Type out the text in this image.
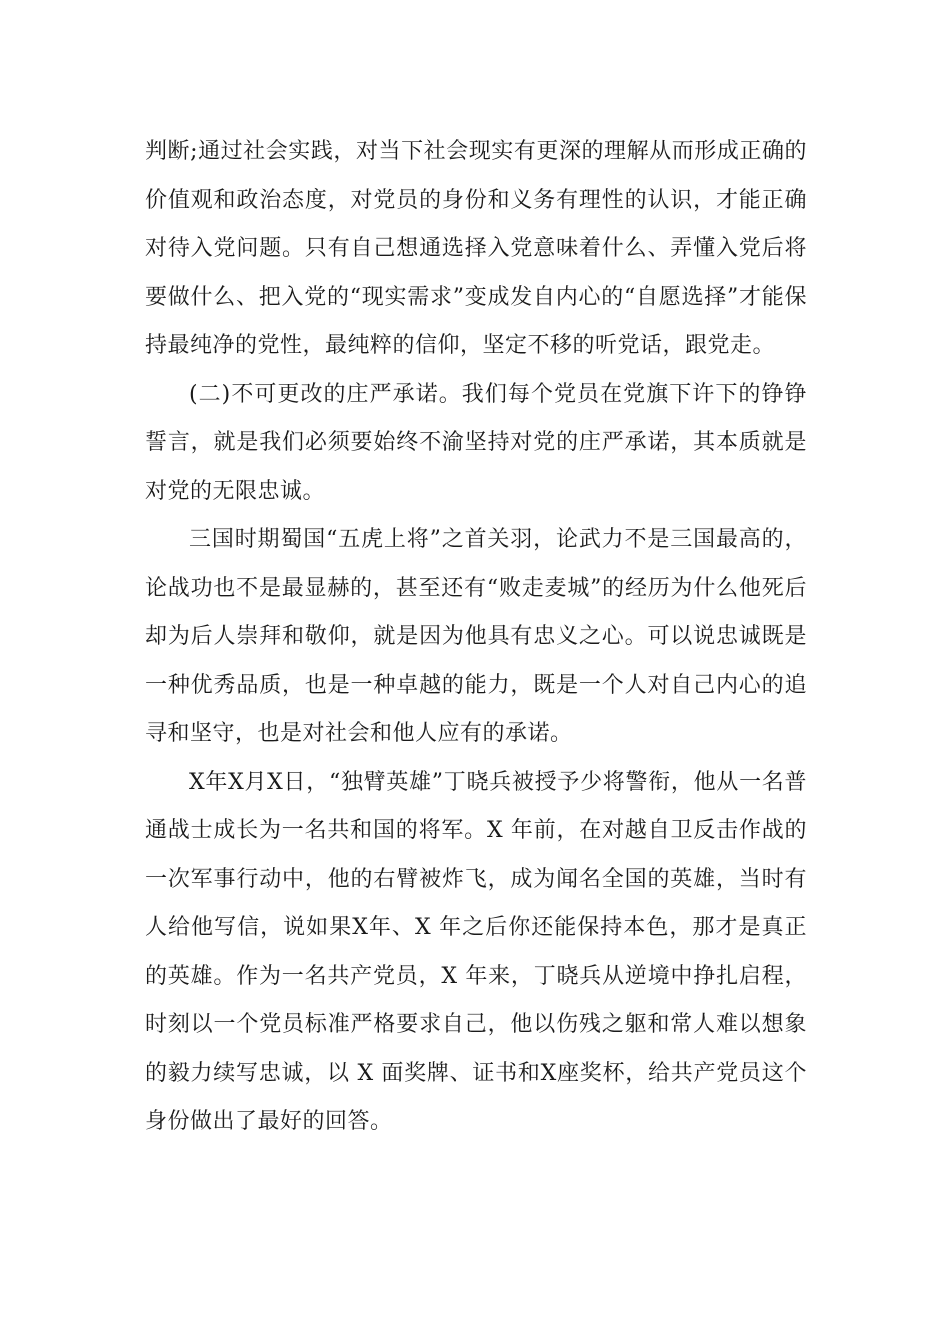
判断;通过社会实践，对当下社会现实有更深的理解从而形成正确的价值观和政治态度，对党员的身份和义务有理性的认识，才能正确对待入党问题。只有自己想通选择入党意味着什么、弄懂入党后将要做什么、把入党的“现实需求”变成发自内心的“自愿选择”才能保持最纯净的党性，最纯粹的信仰，坚定不移的听党话，跟党走。

(二)不可更改的庄严承诺。我们每个党员在党旗下许下的铮铮誓言，就是我们必须要始终不渝坚持对党的庄严承诺，其本质就是对党的无限忠诚。

三国时期蜀国“五虎上将”之首关羽，论武力不是三国最高的，论战功也不是最显赫的，甚至还有“败走麦城”的经历为什么他死后却为后人崇拜和敬仰，就是因为他具有忠义之心。可以说忠诚既是一种优秀品质，也是一种卓越的能力，既是一个人对自己内心的追寻和坚守，也是对社会和他人应有的承诺。

X年X月X日，“独臂英雄”丁晓兵被授予少将警衔，他从一名普通战士成长为一名共和国的将军。X 年前，在对越自卫反击作战的一次军事行动中，他的右臂被炸飞，成为闻名全国的英雄，当时有人给他写信，说如果X年、X 年之后你还能保持本色，那才是真正的英雄。作为一名共产党员，X 年来，丁晓兵从逆境中挣扎启程，时刻以一个党员标准严格要求自己，他以伤残之躯和常人难以想象的毅力续写忠诚，以 X 面奖牌、证书和X座奖杯，给共产党员这个身份做出了最好的回答。
